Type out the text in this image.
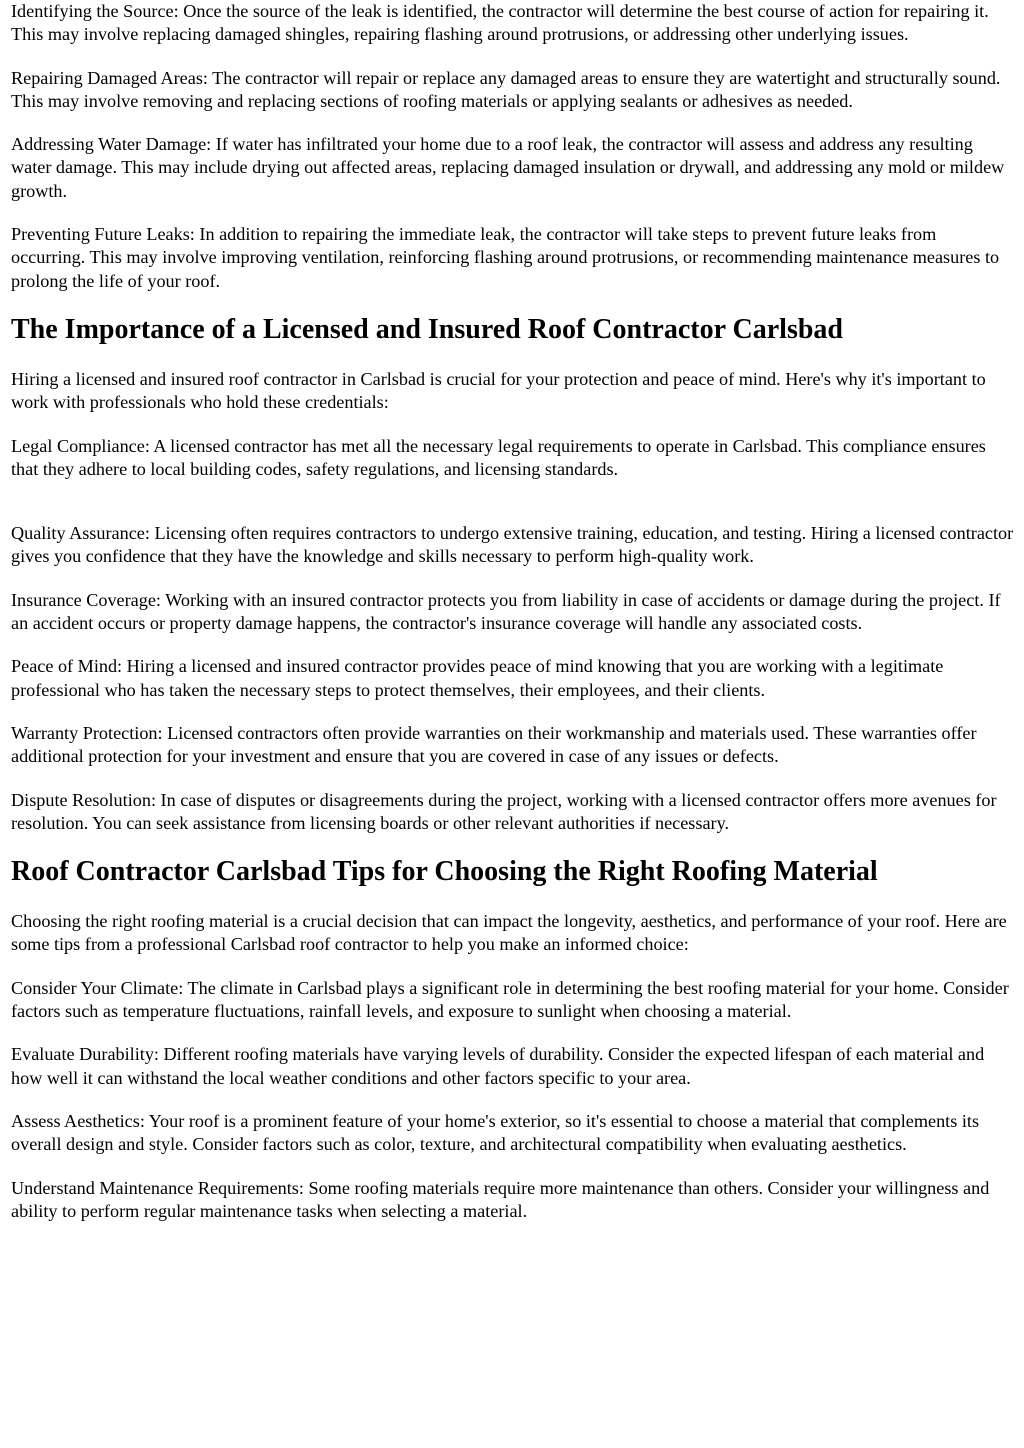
Identifying the Source: Once the source of the leak is identified, the contractor will determine the best course of action for repairing it. This may involve replacing damaged shingles, repairing flashing around protrusions, or addressing other underlying issues.

Repairing Damaged Areas: The contractor will repair or replace any damaged areas to ensure they are watertight and structurally sound. This may involve removing and replacing sections of roofing materials or applying sealants or adhesives as needed.

Addressing Water Damage: If water has infiltrated your home due to a roof leak, the contractor will assess and address any resulting water damage. This may include drying out affected areas, replacing damaged insulation or drywall, and addressing any mold or mildew growth.

Preventing Future Leaks: In addition to repairing the immediate leak, the contractor will take steps to prevent future leaks from occurring. This may involve improving ventilation, reinforcing flashing around protrusions, or recommending maintenance measures to prolong the life of your roof.

The Importance of a Licensed and Insured Roof Contractor Carlsbad

Hiring a licensed and insured roof contractor in Carlsbad is crucial for your protection and peace of mind. Here's why it's important to work with professionals who hold these credentials:

Legal Compliance: A licensed contractor has met all the necessary legal requirements to operate in Carlsbad. This compliance ensures that they adhere to local building codes, safety regulations, and licensing standards.

Quality Assurance: Licensing often requires contractors to undergo extensive training, education, and testing. Hiring a licensed contractor gives you confidence that they have the knowledge and skills necessary to perform high-quality work.

Insurance Coverage: Working with an insured contractor protects you from liability in case of accidents or damage during the project. If an accident occurs or property damage happens, the contractor's insurance coverage will handle any associated costs.

Peace of Mind: Hiring a licensed and insured contractor provides peace of mind knowing that you are working with a legitimate professional who has taken the necessary steps to protect themselves, their employees, and their clients.

Warranty Protection: Licensed contractors often provide warranties on their workmanship and materials used. These warranties offer additional protection for your investment and ensure that you are covered in case of any issues or defects.

Dispute Resolution: In case of disputes or disagreements during the project, working with a licensed contractor offers more avenues for resolution. You can seek assistance from licensing boards or other relevant authorities if necessary.

Roof Contractor Carlsbad Tips for Choosing the Right Roofing Material

Choosing the right roofing material is a crucial decision that can impact the longevity, aesthetics, and performance of your roof. Here are some tips from a professional Carlsbad roof contractor to help you make an informed choice:

Consider Your Climate: The climate in Carlsbad plays a significant role in determining the best roofing material for your home. Consider factors such as temperature fluctuations, rainfall levels, and exposure to sunlight when choosing a material.

Evaluate Durability: Different roofing materials have varying levels of durability. Consider the expected lifespan of each material and how well it can withstand the local weather conditions and other factors specific to your area.

Assess Aesthetics: Your roof is a prominent feature of your home's exterior, so it's essential to choose a material that complements its overall design and style. Consider factors such as color, texture, and architectural compatibility when evaluating aesthetics.

Understand Maintenance Requirements: Some roofing materials require more maintenance than others. Consider your willingness and ability to perform regular maintenance tasks when selecting a material.
